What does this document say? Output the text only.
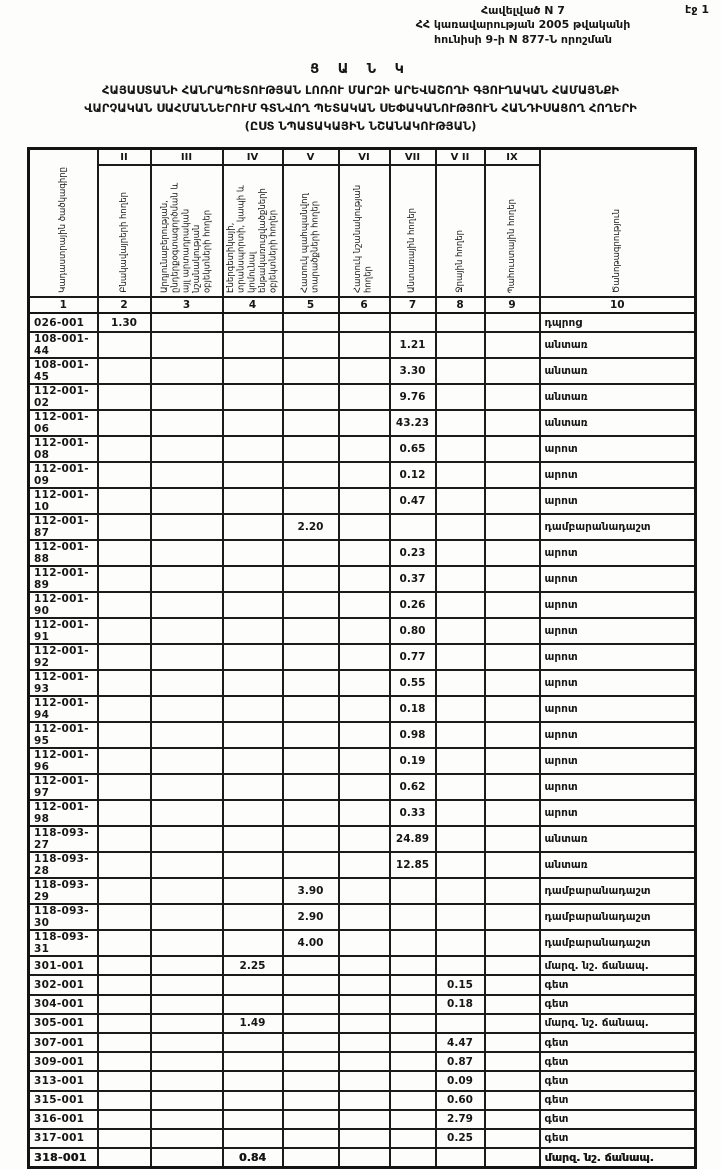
էջ 1
Հավելված N 7
ՀՀ կառավարության 2005 թվականի
հունիսի 9-ի N 877-Ն որոշման
Ց Ա Ն Կ
ՀԱՅԱՍՏԱՆԻ ՀԱՆՐԱՊԵՏՈՒԹՅԱՆ ԼՈՌՈՒ ՄԱՐԶԻ ԱՐԵՎԱՇՈՂԻ ԳՅՈՒՂԱԿԱՆ ՀԱՄԱՅՆՔԻ
ՎԱՐՉԱԿԱՆ ՍԱՀՄԱՆՆԵՐՈՒՄ ԳՏՆՎՈՂ ՊԵՏԱԿԱՆ ՍԵՓԱԿԱՆՈՒԹՅՈՒՆ ՀԱՆԴԻՍԱՑՈՂ ՀՈՂԵՐԻ
(ԸՍՏ ՆՊԱՏԱԿԱՅԻՆ ՆՇԱՆԱԿՈՒԹՅԱՆ)
Կադաստրային ծածկագիրը	II	III	IV	V	VI	VII	V II	IX	Ծանոթագրություն

	Բնակավայրերի հողեր	Արդյունաբերության, ընդերքօգտագործման և այլ արտադրական նշանակության օբյեկտների հողեր	Էներգետիկայի, տրանսպորտի, կապի և կոմունալ ենթակառուցվածքների օբյեկտների հողեր	Հատուկ պահպանվող տարածքների հողեր	Հատուկ նշանակության հողեր	Անտառային հողեր	Ջրային հողեր	Պահուստային հողեր	

1	2	3	4	5	6	7	8	9	10
026-001	1.30								դպրոց
108-001-44						1.21			անտառ
108-001-45						3.30			անտառ
112-001-02						9.76			անտառ
112-001-06						43.23			անտառ
112-001-08						0.65			արոտ
112-001-09						0.12			արոտ
112-001-10						0.47			արոտ
112-001-87				2.20					դամբարանադաշտ
112-001-88						0.23			արոտ
112-001-89						0.37			արոտ
112-001-90						0.26			արոտ
112-001-91						0.80			արոտ
112-001-92						0.77			արոտ
112-001-93						0.55			արոտ
112-001-94						0.18			արոտ
112-001-95						0.98			արոտ
112-001-96						0.19			արոտ
112-001-97						0.62			արոտ
112-001-98						0.33			արոտ
118-093-27						24.89			անտառ
118-093-28						12.85			անտառ
118-093-29				3.90					դամբարանադաշտ
118-093-30				2.90					դամբարանադաշտ
118-093-31				4.00					դամբարանադաշտ
301-001			2.25						մարզ. նշ. ճանապ.
302-001							0.15		գետ
304-001							0.18		գետ
305-001			1.49						մարզ. նշ. ճանապ.
307-001							4.47		գետ
309-001							0.87		գետ
313-001							0.09		գետ
315-001							0.60		գետ
316-001							2.79		գետ
317-001							0.25		գետ
318-001			0.84						մարզ. նշ. ճանապ.
